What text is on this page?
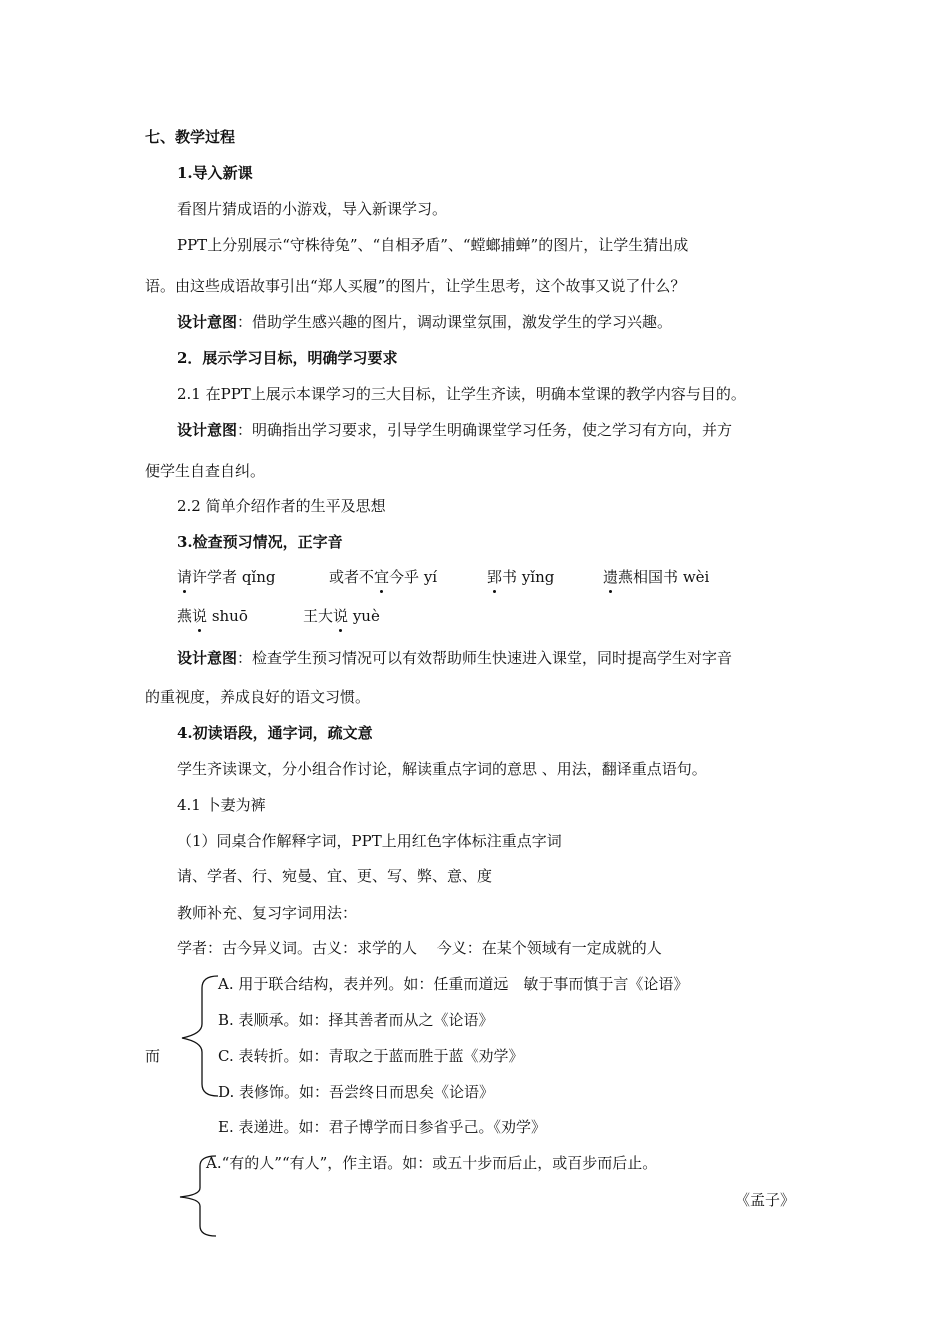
七、教学过程
1.导入新课
看图片猜成语的小游戏，导入新课学习。
PPT上分别展示“守株待兔”、“自相矛盾”、“螳螂捕蝉”的图片，让学生猜出成
语。由这些成语故事引出“郑人买履”的图片，让学生思考，这个故事又说了什么？
设计意图：借助学生感兴趣的图片，调动课堂氛围，激发学生的学习兴趣。
2．展示学习目标，明确学习要求
2.1 在PPT上展示本课学习的三大目标，让学生齐读，明确本堂课的教学内容与目的。
设计意图：明确指出学习要求，引导学生明确课堂学习任务，使之学习有方向，并方
便学生自查自纠。
2.2 简单介绍作者的生平及思想
3.检查预习情况，正字音
请许学者 qǐng	或者不宜今乎 yí	郢书 yǐng	遗燕相国书 wèi
燕说 shuō	王大说 yuè
设计意图：检查学生预习情况可以有效帮助师生快速进入课堂，同时提高学生对字音
的重视度，养成良好的语文习惯。
4.初读语段，通字词，疏文意
学生齐读课文，分小组合作讨论，解读重点字词的意思 、用法，翻译重点语句。
4.1 卜妻为裤
（1）同桌合作解释字词，PPT上用红色字体标注重点字词
请、学者、行、宛曼、宜、更、写、弊、意、度
教师补充、复习字词用法：
学者：古今异义词。古义：求学的人　 今义：在某个领域有一定成就的人
而
A. 用于联合结构，表并列。如：任重而道远　敏于事而慎于言《论语》
B. 表顺承。如：择其善者而从之《论语》
C. 表转折。如：青取之于蓝而胜于蓝《劝学》
D. 表修饰。如：吾尝终日而思矣《论语》
E. 表递进。如：君子博学而日参省乎己。《劝学》
A.“有的人”“有人”，作主语。如：或五十步而后止，或百步而后止。
《孟子》
